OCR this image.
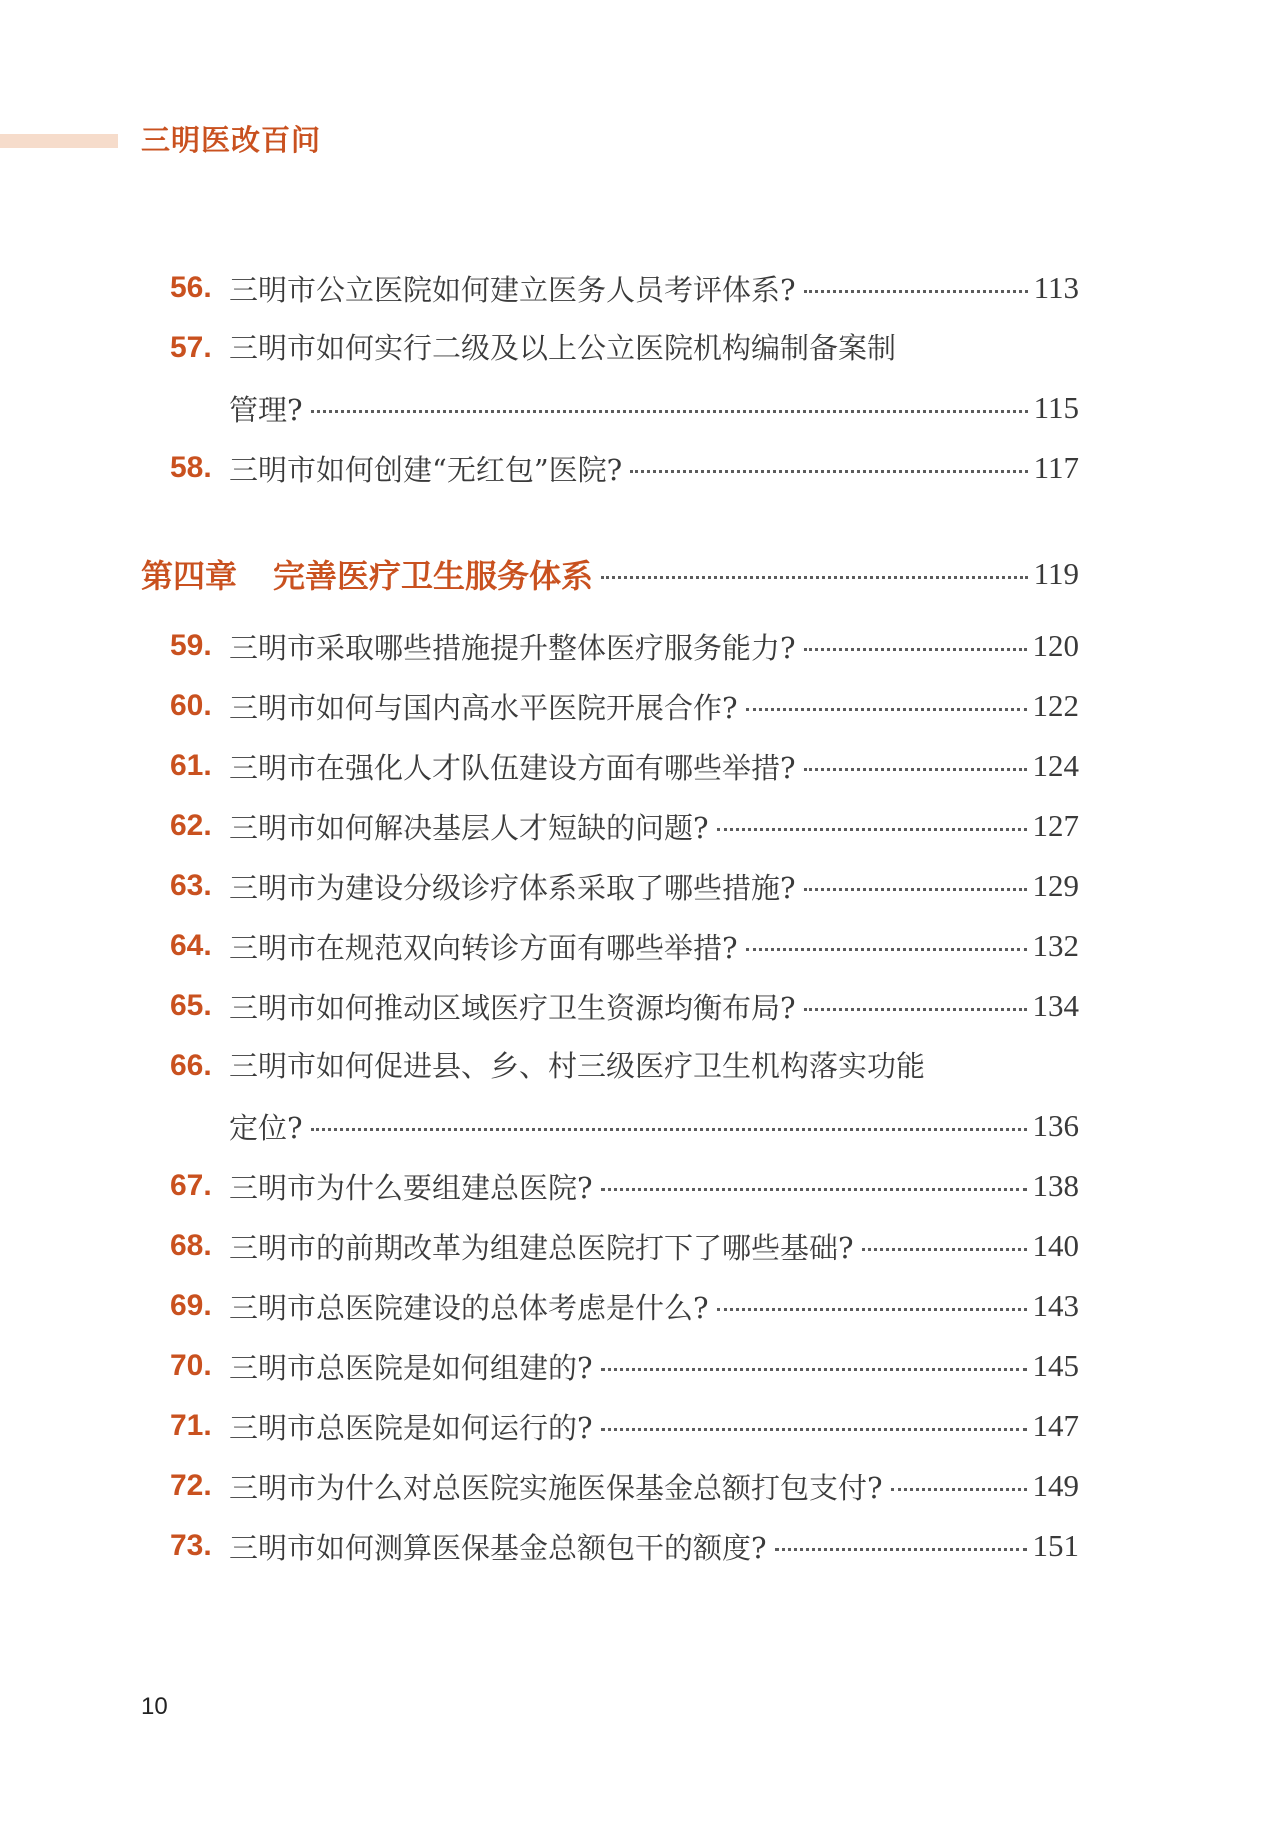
三明医改百问
56. 三明市公立医院如何建立医务人员考评体系?	113
57. 三明市如何实行二级及以上公立医院机构编制备案制
管理?	115
58. 三明市如何创建“无红包”医院?	117
第四章 完善医疗卫生服务体系	119
59. 三明市采取哪些措施提升整体医疗服务能力?	120
60. 三明市如何与国内高水平医院开展合作?	122
61. 三明市在强化人才队伍建设方面有哪些举措?	124
62. 三明市如何解决基层人才短缺的问题?	127
63. 三明市为建设分级诊疗体系采取了哪些措施?	129
64. 三明市在规范双向转诊方面有哪些举措?	132
65. 三明市如何推动区域医疗卫生资源均衡布局?	134
66. 三明市如何促进县、乡、村三级医疗卫生机构落实功能
定位?	136
67. 三明市为什么要组建总医院?	138
68. 三明市的前期改革为组建总医院打下了哪些基础?	140
69. 三明市总医院建设的总体考虑是什么?	143
70. 三明市总医院是如何组建的?	145
71. 三明市总医院是如何运行的?	147
72. 三明市为什么对总医院实施医保基金总额打包支付?	149
73. 三明市如何测算医保基金总额包干的额度?	151
10
